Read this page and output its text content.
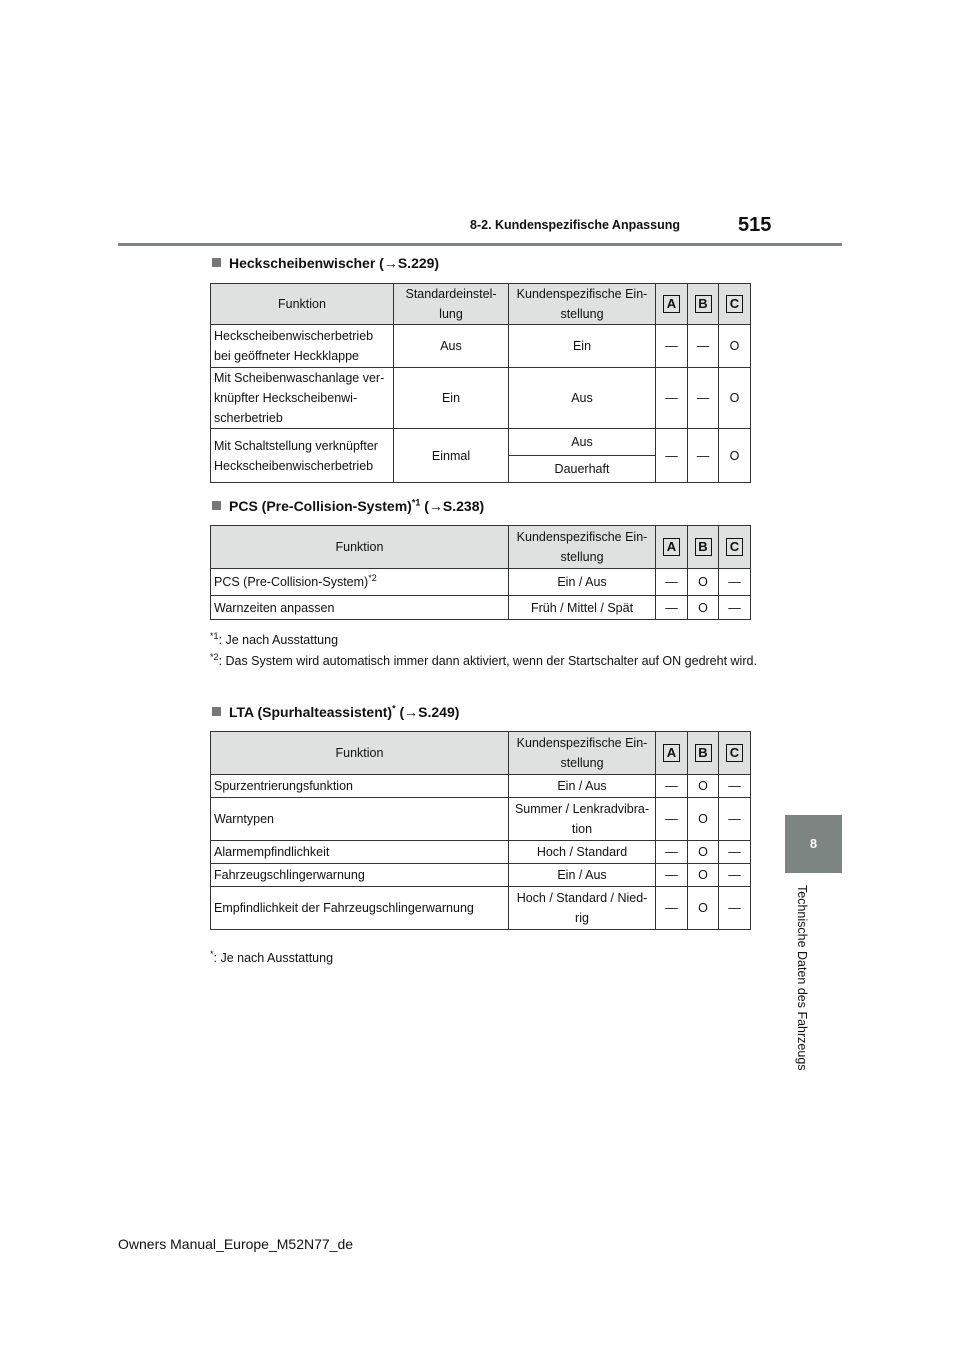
8-2. Kundenspezifische Anpassung	515
Heckscheibenwischer (→S.229)
Funktion	Standardeinstel-lung	Kundenspezifische Ein-stellung	A	B	C
Heckscheibenwischerbetrieb bei geöffneter Heckklappe	Aus	Ein	—	—	O
Mit Scheibenwaschanlage ver-knüpfter Heckscheibenwi-scherbetrieb	Ein	Aus	—	—	O
Mit Schaltstellung verknüpfter Heckscheibenwischerbetrieb	Einmal	Aus	—	—	O
		Dauerhaft			
PCS (Pre-Collision-System)$^{*1}$ (→S.238)
Funktion	Kundenspezifische Ein-stellung	A	B	C
PCS (Pre-Collision-System)$^{*2}$	Ein / Aus	—	O	—
Warnzeiten anpassen	Früh / Mittel / Spät	—	O	—
$^{*1}$: Je nach Ausstattung
$^{*2}$: Das System wird automatisch immer dann aktiviert, wenn der Startschalter auf ON gedreht wird.
LTA (Spurhalteassistent)* (→S.249)
Funktion	Kundenspezifische Ein-stellung	A	B	C
Spurzentrierungsfunktion	Ein / Aus	—	O	—
Warntypen	Summer / Lenkradvibra-tion	—	O	—
Alarmempfindlichkeit	Hoch / Standard	—	O	—
Fahrzeugschlingerwarnung	Ein / Aus	—	O	—
Empfindlichkeit der Fahrzeugschlingerwarnung	Hoch / Standard / Nied-rig	—	O	—
*: Je nach Ausstattung
8
Technische Daten des Fahrzeugs
Owners Manual_Europe_M52N77_de
